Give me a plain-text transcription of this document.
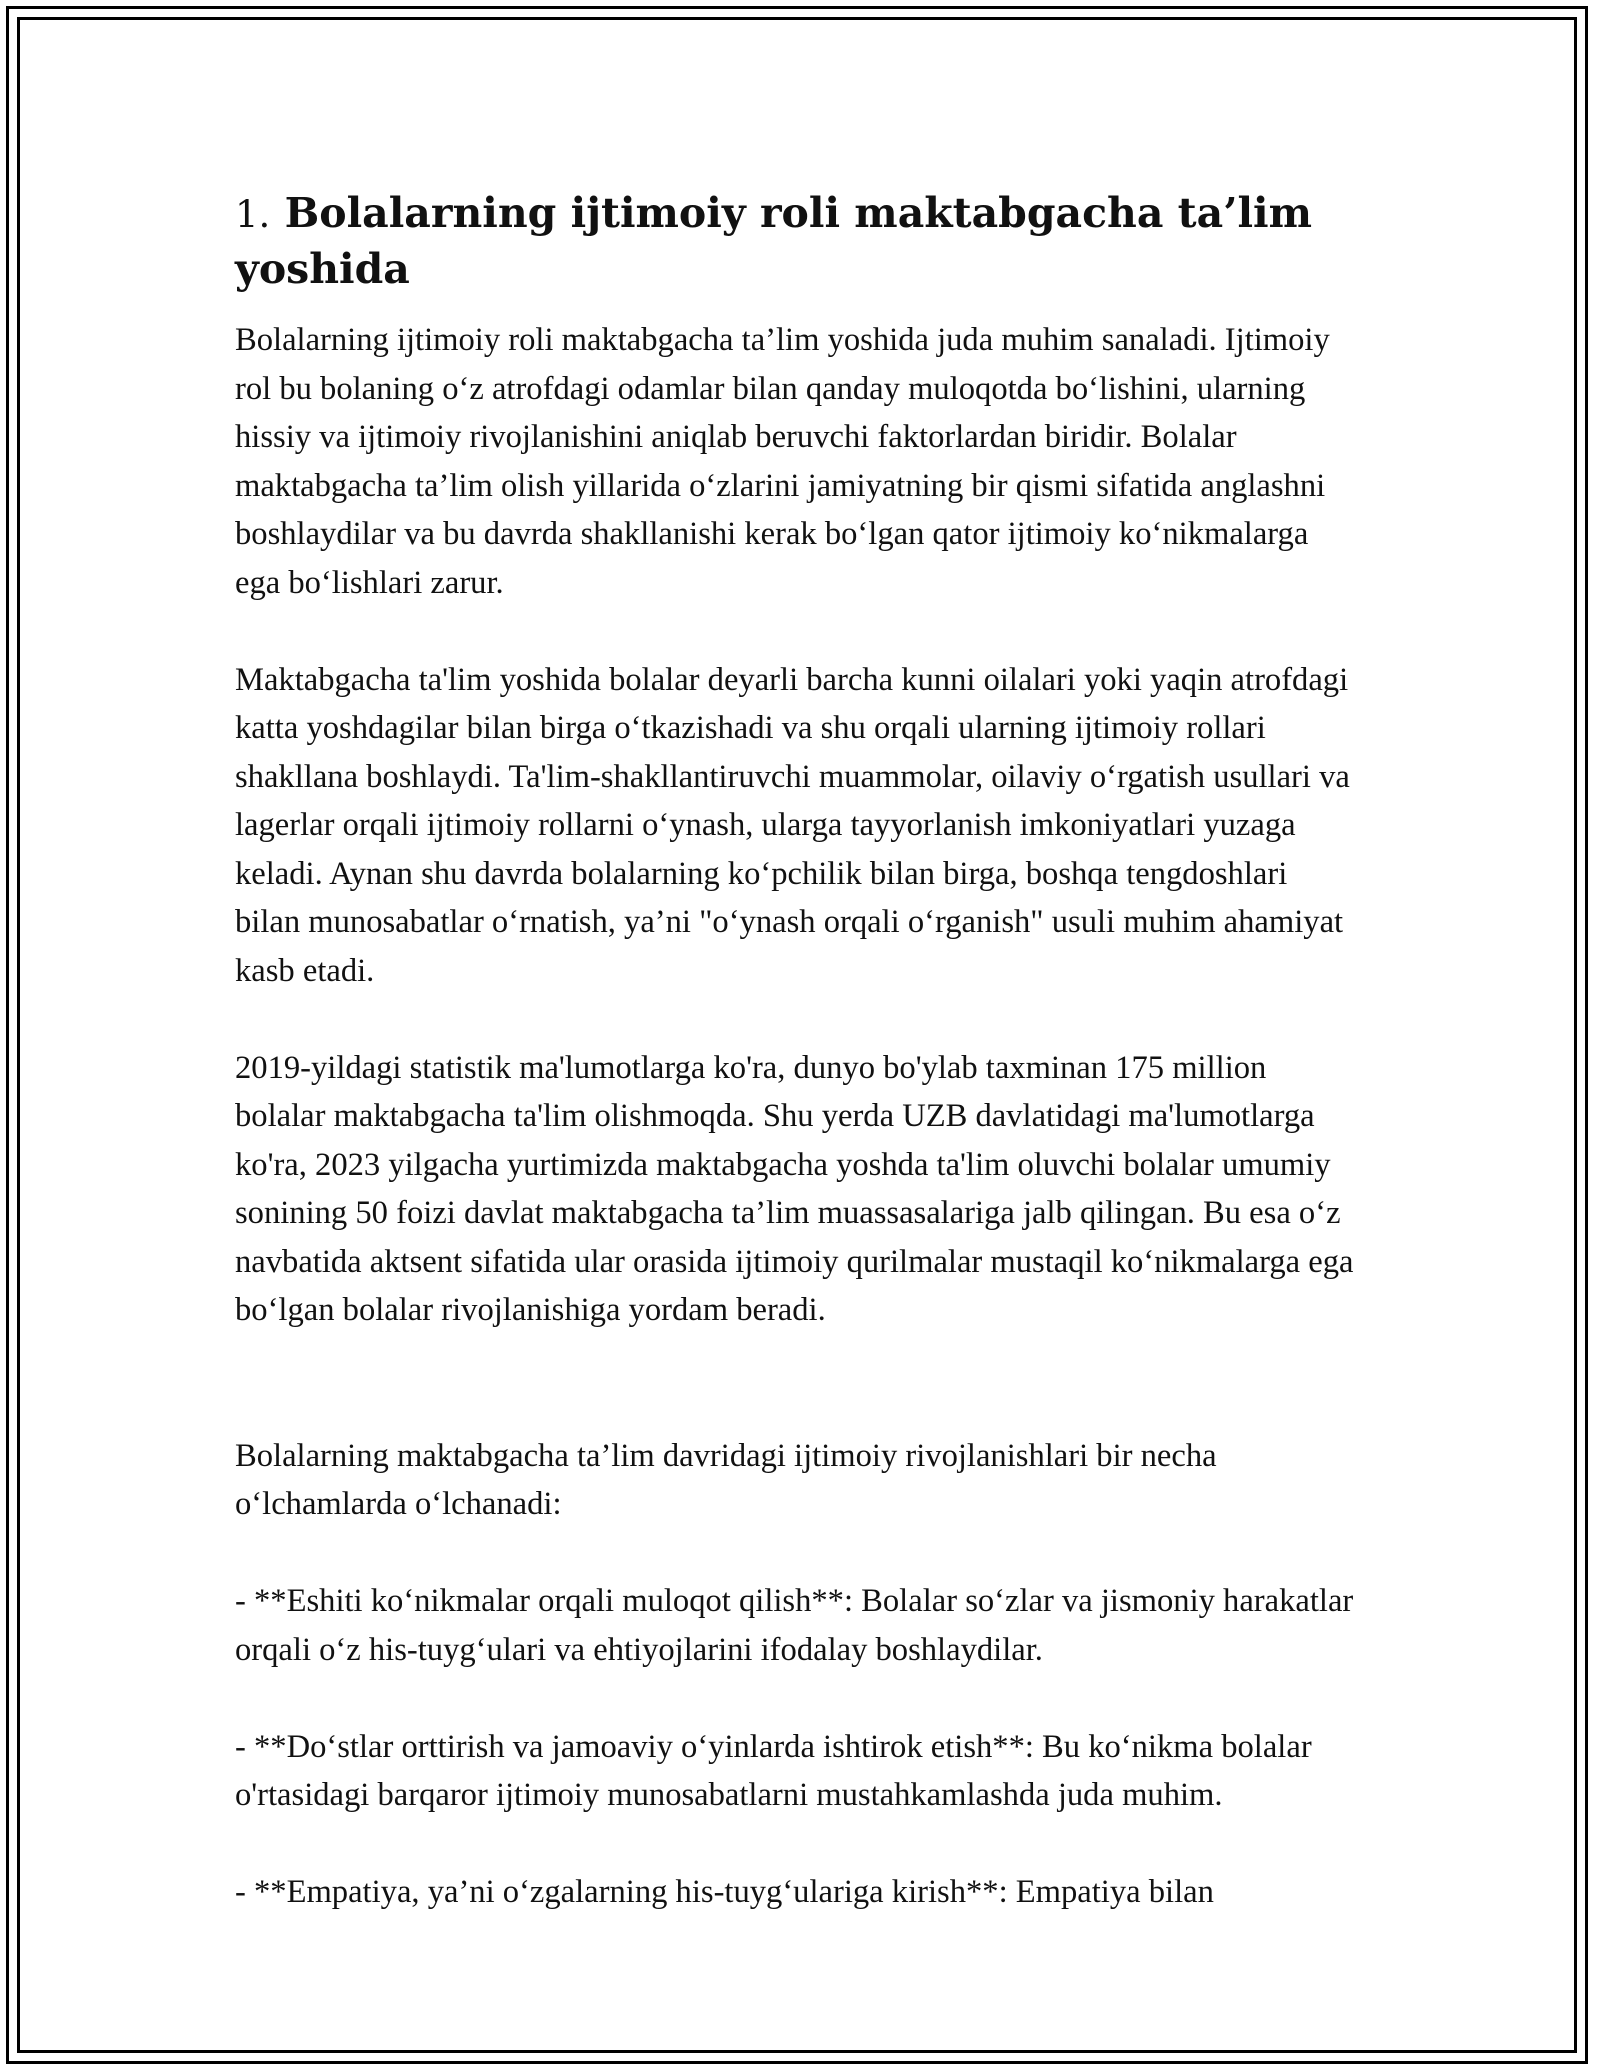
1. Bolalarning ijtimoiy roli maktabgacha ta’lim yoshida

Bolalarning ijtimoiy roli maktabgacha ta’lim yoshida juda muhim sanaladi. Ijtimoiy rol bu bolaning o‘z atrofdagi odamlar bilan qanday muloqotda bo‘lishini, ularning hissiy va ijtimoiy rivojlanishini aniqlab beruvchi faktorlardan biridir. Bolalar maktabgacha ta’lim olish yillarida o‘zlarini jamiyatning bir qismi sifatida anglashni boshlaydilar va bu davrda shakllanishi kerak bo‘lgan qator ijtimoiy ko‘nikmalarga ega bo‘lishlari zarur.

Maktabgacha ta'lim yoshida bolalar deyarli barcha kunni oilalari yoki yaqin atrofdagi katta yoshdagilar bilan birga o‘tkazishadi va shu orqali ularning ijtimoiy rollari shakllana boshlaydi. Ta'lim-shakllantiruvchi muammolar, oilaviy o‘rgatish usullari va lagerlar orqali ijtimoiy rollarni o‘ynash, ularga tayyorlanish imkoniyatlari yuzaga keladi. Aynan shu davrda bolalarning ko‘pchilik bilan birga, boshqa tengdoshlari bilan munosabatlar o‘rnatish, ya’ni "o‘ynash orqali o‘rganish" usuli muhim ahamiyat kasb etadi.

2019-yildagi statistik ma'lumotlarga ko'ra, dunyo bo'ylab taxminan 175 million bolalar maktabgacha ta'lim olishmoqda. Shu yerda UZB davlatidagi ma'lumotlarga ko'ra, 2023 yilgacha yurtimizda maktabgacha yoshda ta'lim oluvchi bolalar umumiy sonining 50 foizi davlat maktabgacha ta’lim muassasalariga jalb qilingan. Bu esa o‘z navbatida aktsent sifatida ular orasida ijtimoiy qurilmalar mustaqil ko‘nikmalarga ega bo‘lgan bolalar rivojlanishiga yordam beradi.

Bolalarning maktabgacha ta’lim davridagi ijtimoiy rivojlanishlari bir necha o‘lchamlarda o‘lchanadi:

- **Eshiti ko‘nikmalar orqali muloqot qilish**: Bolalar so‘zlar va jismoniy harakatlar orqali o‘z his-tuyg‘ulari va ehtiyojlarini ifodalay boshlaydilar.

- **Do‘stlar orttirish va jamoaviy o‘yinlarda ishtirok etish**: Bu ko‘nikma bolalar o'rtasidagi barqaror ijtimoiy munosabatlarni mustahkamlashda juda muhim.

- **Empatiya, ya’ni o‘zgalarning his-tuyg‘ulariga kirish**: Empatiya bilan
